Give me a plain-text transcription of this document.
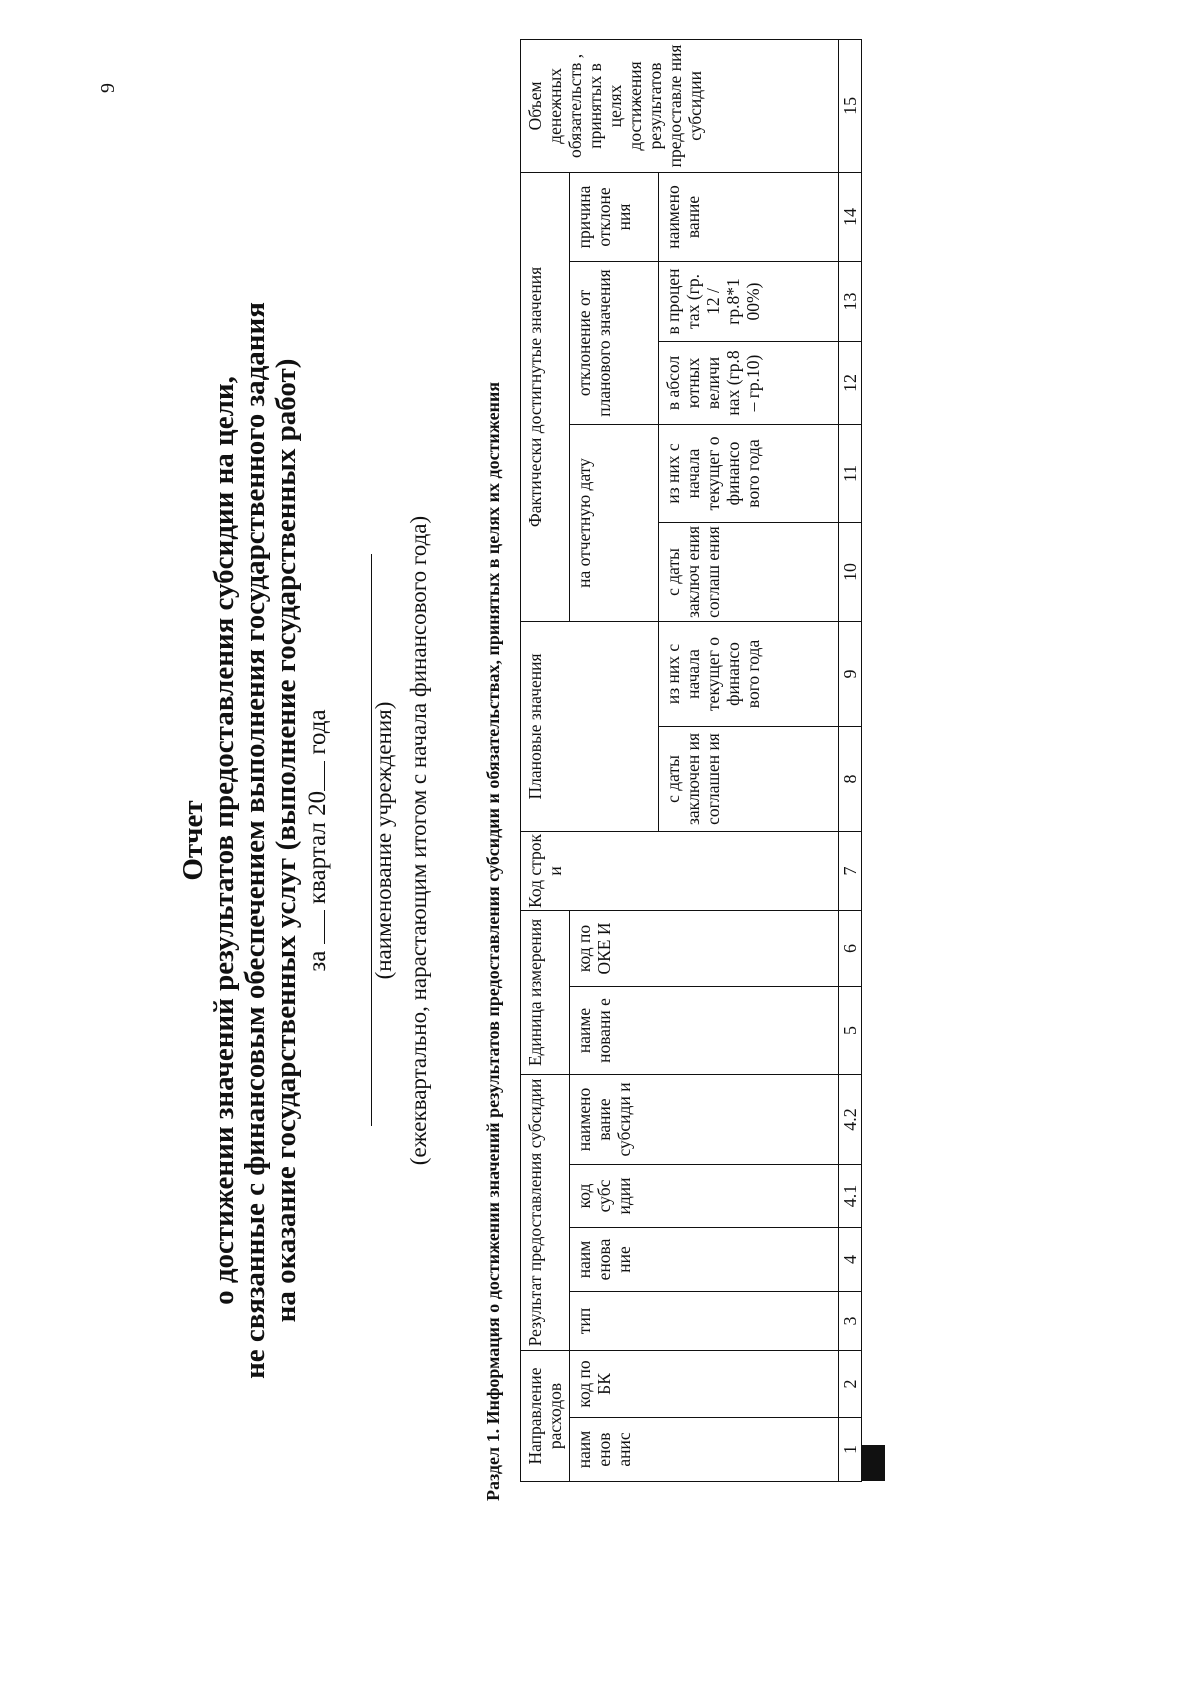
9
Отчет о достижении значений результатов предоставления субсидии на цели, не связанные с финансовым обеспечением выполнения государственного задания на оказание государственных услуг (выполнение государственных работ) за  квартал 20 года (наименование учреждения) (ежеквартально, нарастающим итогом с начала финансового года)	Раздел 1. Информация о достижении значений результатов предоставления субсидии и обязательствах, принятых в целях их достижения Направление расходов	Результат предоставления субсидии	Единица измерения	Код строк и	Плановые значения	Фактически достигнутые значения	Объем денежных обязательств , принятых в целях достижения результатов предоставле ния субсидии
наим енов анис	код по БК	тип	наим енова ние	код субс идии	наимено вание субсиди и	наиме новани е	код по ОКЕ И	на отчетную дату	отклонение от планового значения	причина отклоне ния
с даты заключен ия соглашен ия	из них с начала текущег о финансо вого года	с даты заключ ения соглаш ения	из них с начала текущег о финансо вого года	в абсол ютных величи нах (гр.8 – гр.10)	в процен тах (гр. 12 / гр.8*1 00%)	наимено вание
1	2	3	4	4.1	4.2	5	6	7	8	9	10	11	12	13	14	15
